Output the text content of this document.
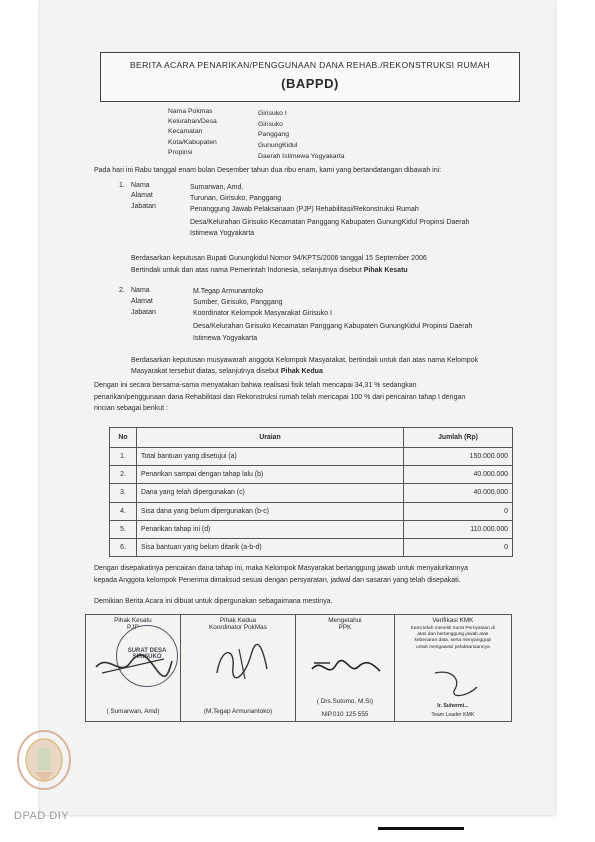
BERITA ACARA PENARIKAN/PENGGUNAAN DANA REHAB./REKONSTRUKSI RUMAH
(BAPPD)
Nama Pokmas	Girisuko I
Kelurahan/Desa	Girisuko
Kecamatan	Panggang
Kota/Kabupaten	GunungKidul
Propinsi
Daerah Istimewa Yogyakarta
Pada hari ini Rabu tanggal enam bulan Desember tahun dua ribu enam, kami yang bertandatangan dibawah ini:
1. Nama	Sumarwan, Amd.
Alamat	Turunan, Girisuko, Panggang
Jabatan	Penanggung Jawab Pelaksanaan (PJP) Rehabilitasi/Rekonstruksi Rumah
Desa/Kelurahan Girisuko Kecamatan Panggang Kabupaten GunungKidul Propinsi Daerah
Istimewa Yogyakarta
Berdasarkan keputusan Bupati Gunungkidul Nomor 94/KPTS/2006 tanggal 15 September 2006
Bertindak untuk dan atas nama Pemerintah Indonesia, selanjutnya disebut Pihak Kesatu
2. Nama	M.Tegap Armunantoko
Alamat	Sumber, Girisuko, Panggang
Jabatan	Koordinator Kelompok Masyarakat Girisuko I
Desa/Kelurahan Girisuko Kecamatan Panggang Kabupaten GunungKidul Propinsi Daerah
Istimewa Yogyakarta
Berdasarkan keputusan musyawarah anggota Kelompok Masyarakat, bertindak untuk dan atas nama Kelompok
Masyarakat tersebut diatas, selanjutnya disebut Pihak Kedua
Dengan ini secara bersama-sama menyatakan bahwa realisasi fisik telah mencapai 34,31 % sedangkan
penarikan/penggunaan dana Rehabilitasi dan Rekonstruksi rumah telah mencapai 100 % dari pencairan tahap I dengan
rincian sebagai berikut :
No	Uraian	Jumlah (Rp)
1.	Total bantuan yang disetujui (a)	150.000.000
2.	Penarikan sampai dengan tahap lalu (b)	40.000.000
3.	Dana yang telah dipergunakan (c)	40.000.000
4.	Sisa dana yang belum dipergunakan (b-c)	0
5.	Penarikan tahap ini (d)	110.000.000
6.	Sisa bantuan yang belum ditarik (a-b-d)	0
Dengan disepakatinya pencairan dana tahap ini, maka Kelompok Masyarakat bertanggung jawab untuk menyalurkannya
kepada Anggota kelompok Penerima dimaksud sesuai dengan persyaratan, jadwal dan sasaran yang telah disepakati.
Demikian Berita Acara ini dibuat untuk dipergunakan sebagaimana mestinya.
Pihak Kesatu
PJP
SURAT DESA
SIRISUKO
( Sumarwan, Amd)

Pihak Kedua
Koordinator PokMas
(M.Tegap Armunantoko)

Mengetahui
PPK
( Drs.Sutomo, M.Si)
NIP.010 125 555

Verifikasi KMK
Kami telah meneliti Surat Pernyataan di
atas dan bertanggung jawab atas
kebenaran data, serta menyanggupi
untuk mengawasi pelaksanaannya
Ir. Suhermi...
Team Leader KMK
DPAD DIY
